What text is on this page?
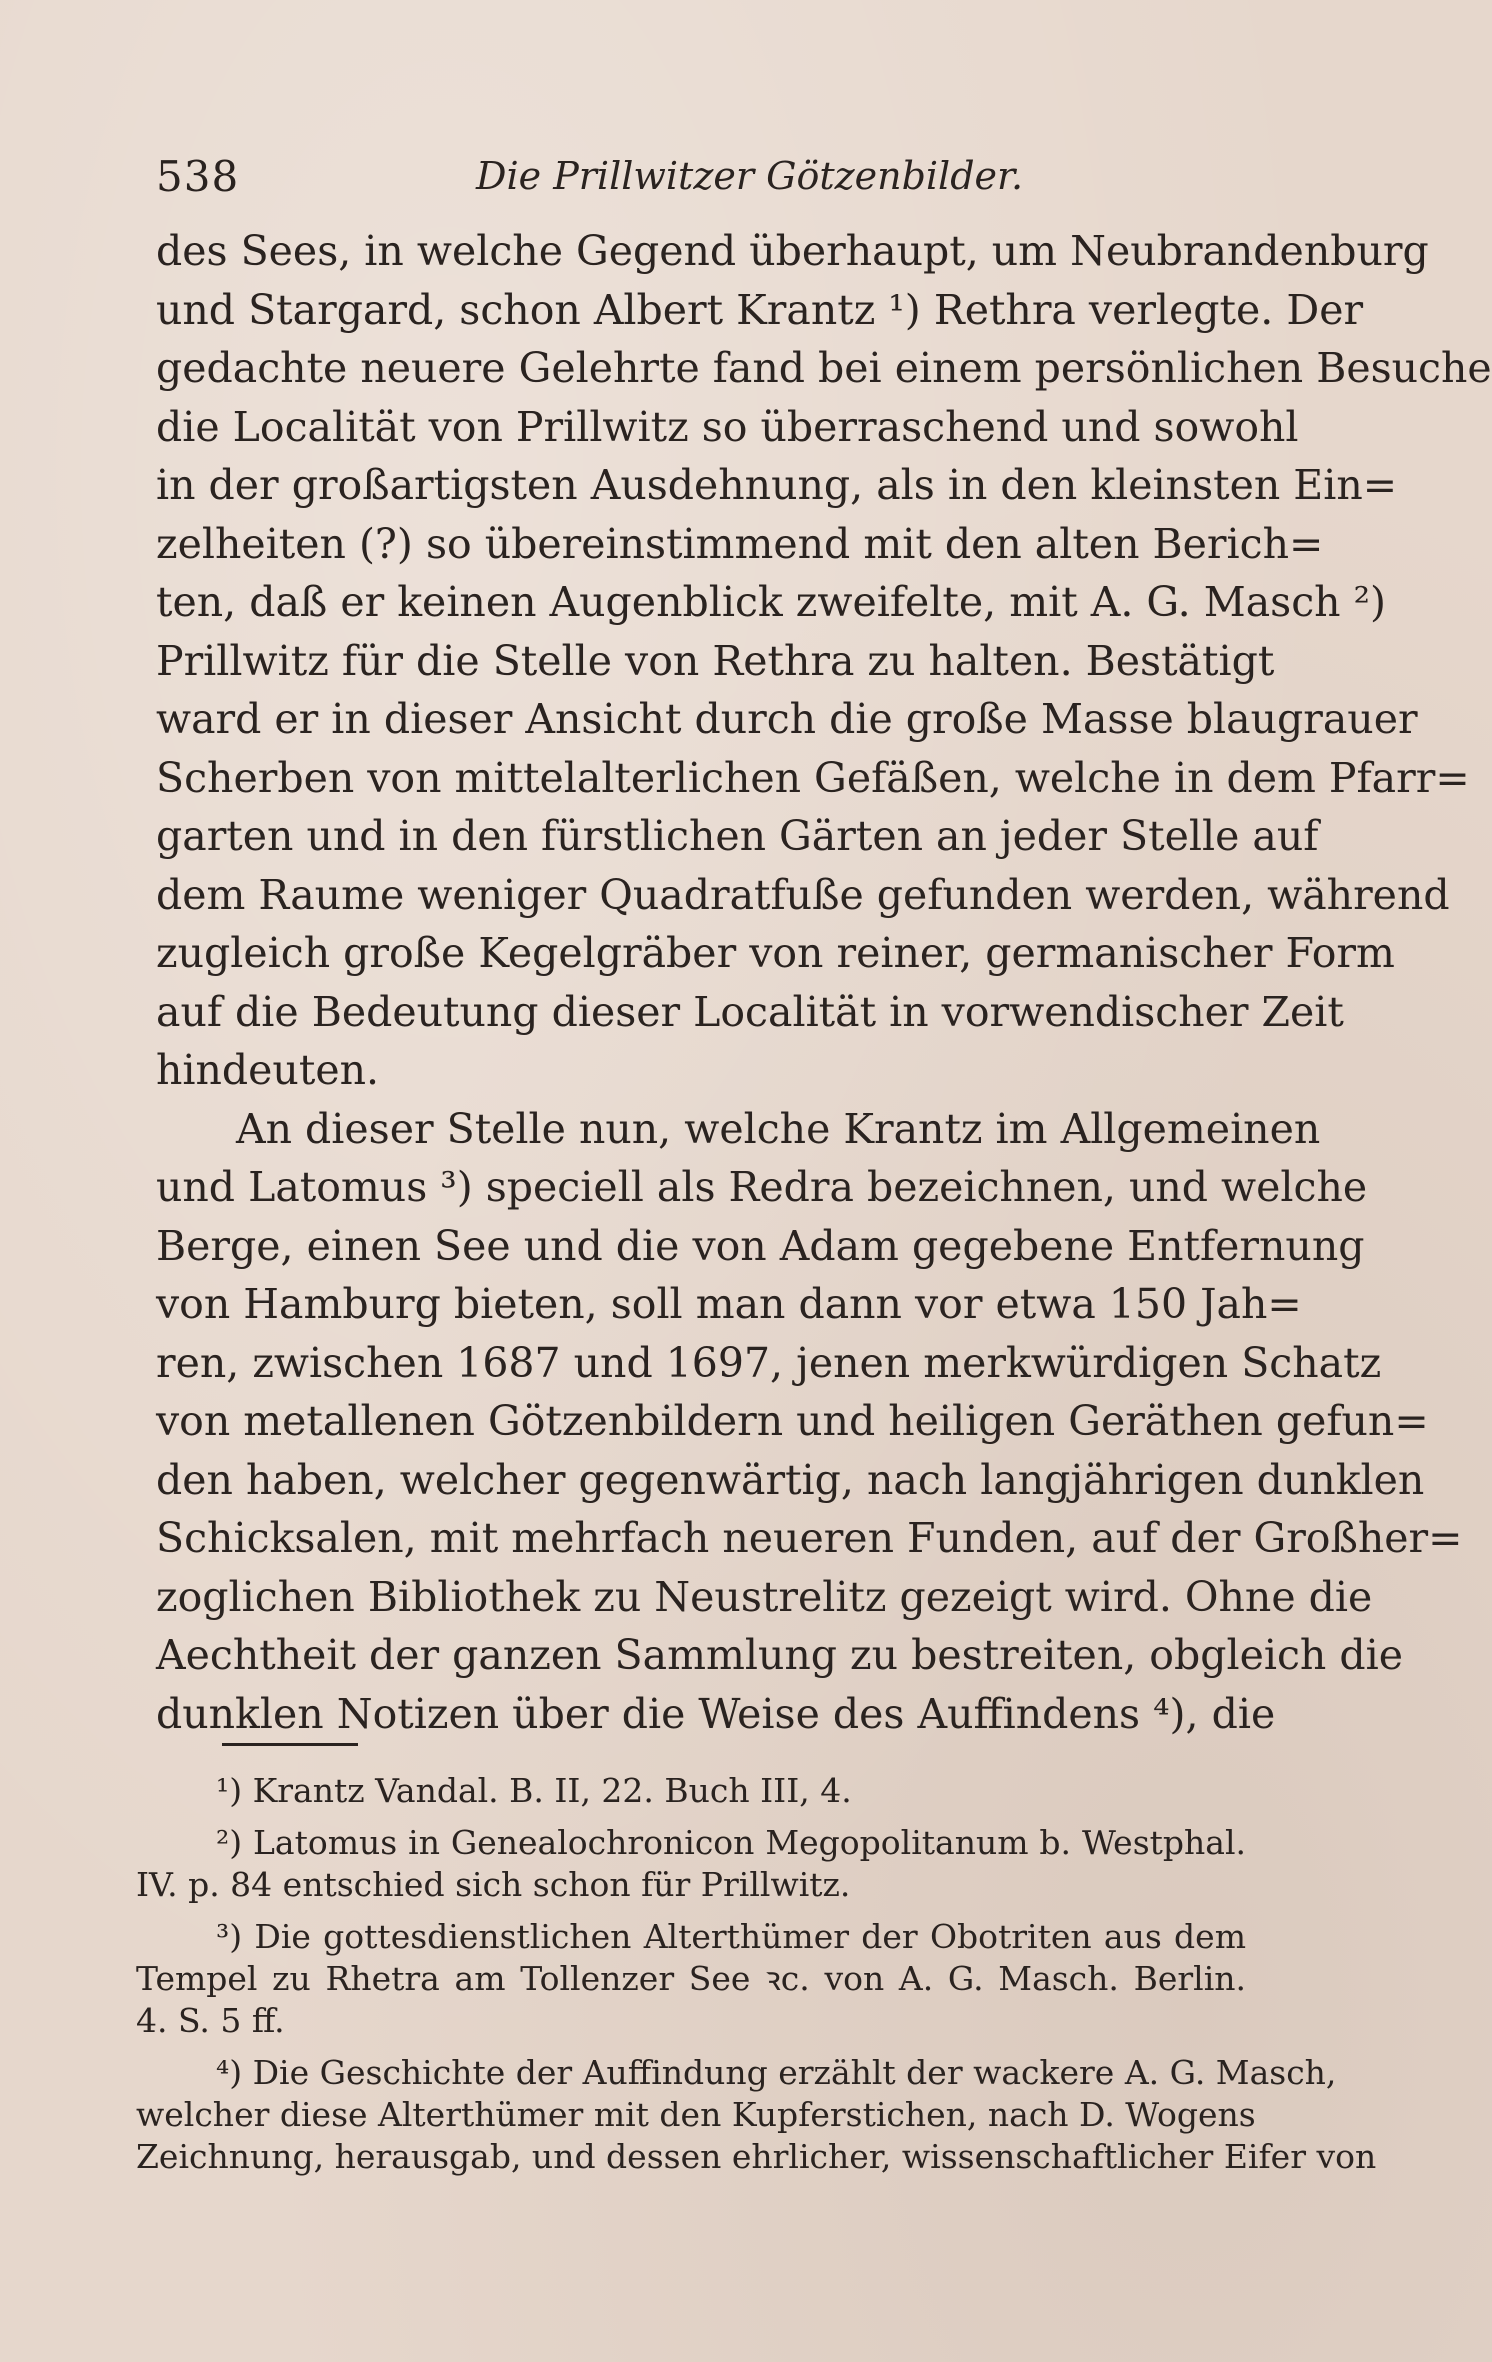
538	Die Prillwitzer Götzenbilder.
des Sees, in welche Gegend überhaupt, um Neubrandenburg
und Stargard, schon Albert Krantz ¹) Rethra verlegte. Der
gedachte neuere Gelehrte fand bei einem persönlichen Besuche
die Localität von Prillwitz so überraschend und sowohl
in der großartigsten Ausdehnung, als in den kleinsten Ein=
zelheiten (?) so übereinstimmend mit den alten Berich=
ten, daß er keinen Augenblick zweifelte, mit A. G. Masch ²)
Prillwitz für die Stelle von Rethra zu halten. Bestätigt
ward er in dieser Ansicht durch die große Masse blaugrauer
Scherben von mittelalterlichen Gefäßen, welche in dem Pfarr=
garten und in den fürstlichen Gärten an jeder Stelle auf
dem Raume weniger Quadratfuße gefunden werden, während
zugleich große Kegelgräber von reiner, germanischer Form
auf die Bedeutung dieser Localität in vorwendischer Zeit
hindeuten.
An dieser Stelle nun, welche Krantz im Allgemeinen
und Latomus ³) speciell als Redra bezeichnen, und welche
Berge, einen See und die von Adam gegebene Entfernung
von Hamburg bieten, soll man dann vor etwa 150 Jah=
ren, zwischen 1687 und 1697, jenen merkwürdigen Schatz
von metallenen Götzenbildern und heiligen Geräthen gefun=
den haben, welcher gegenwärtig, nach langjährigen dunklen
Schicksalen, mit mehrfach neueren Funden, auf der Großher=
zoglichen Bibliothek zu Neustrelitz gezeigt wird. Ohne die
Aechtheit der ganzen Sammlung zu bestreiten, obgleich die
dunklen Notizen über die Weise des Auffindens ⁴), die
¹) Krantz Vandal. B. II, 22. Buch III, 4.
²) Latomus in Genealochronicon Megopolitanum b. Westphal.
IV. p. 84 entschied sich schon für Prillwitz.
³) Die gottesdienstlichen Alterthümer der Obotriten aus dem
Tempel zu Rhetra am Tollenzer See ꝛc. von A. G. Masch. Berlin.
4. S. 5 ff.
⁴) Die Geschichte der Auffindung erzählt der wackere A. G. Masch,
welcher diese Alterthümer mit den Kupferstichen, nach D. Wogens
Zeichnung, herausgab, und dessen ehrlicher, wissenschaftlicher Eifer von
